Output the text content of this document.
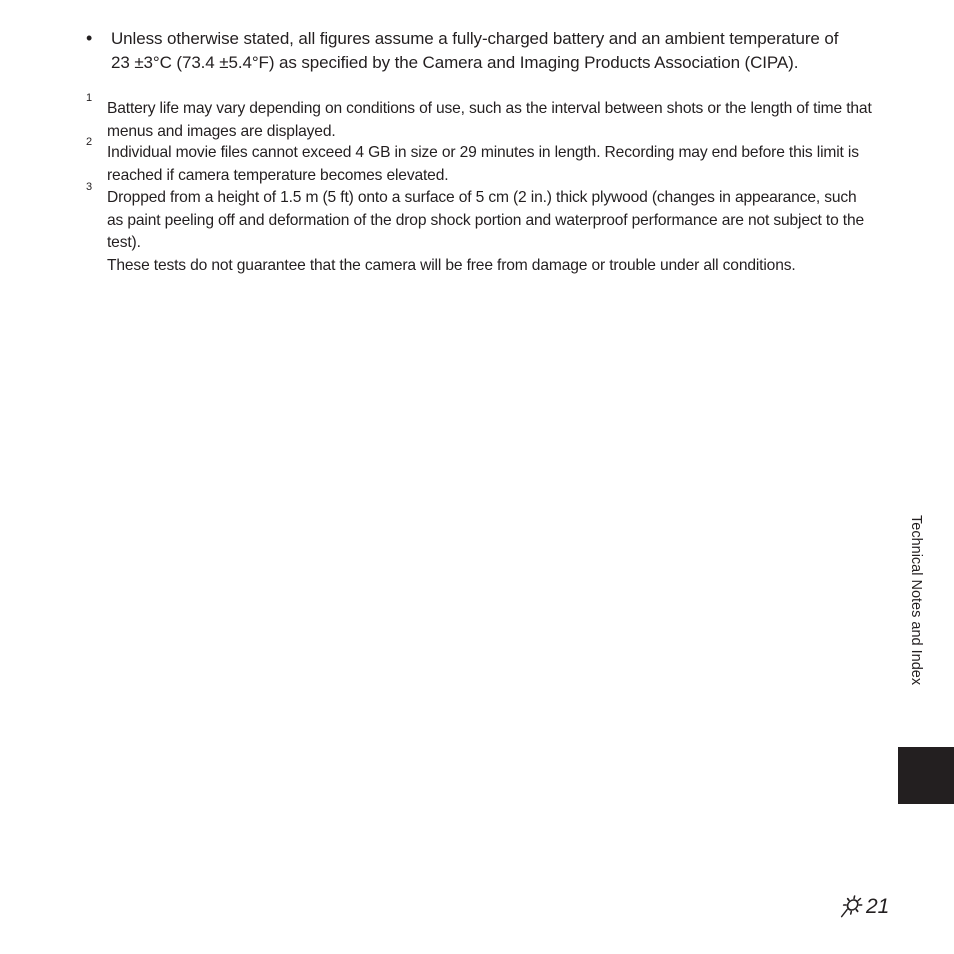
• Unless otherwise stated, all figures assume a fully-charged battery and an ambient temperature of 23 ±3°C (73.4 ±5.4°F) as specified by the Camera and Imaging Products Association (CIPA).
1
Battery life may vary depending on conditions of use, such as the interval between shots or the length of time that menus and images are displayed.
2
Individual movie files cannot exceed 4 GB in size or 29 minutes in length. Recording may end before this limit is reached if camera temperature becomes elevated.
3
Dropped from a height of 1.5 m (5 ft) onto a surface of 5 cm (2 in.) thick plywood (changes in appearance, such as paint peeling off and deformation of the drop shock portion and waterproof performance are not subject to the test).
These tests do not guarantee that the camera will be free from damage or trouble under all conditions.
Technical Notes and Index
21
